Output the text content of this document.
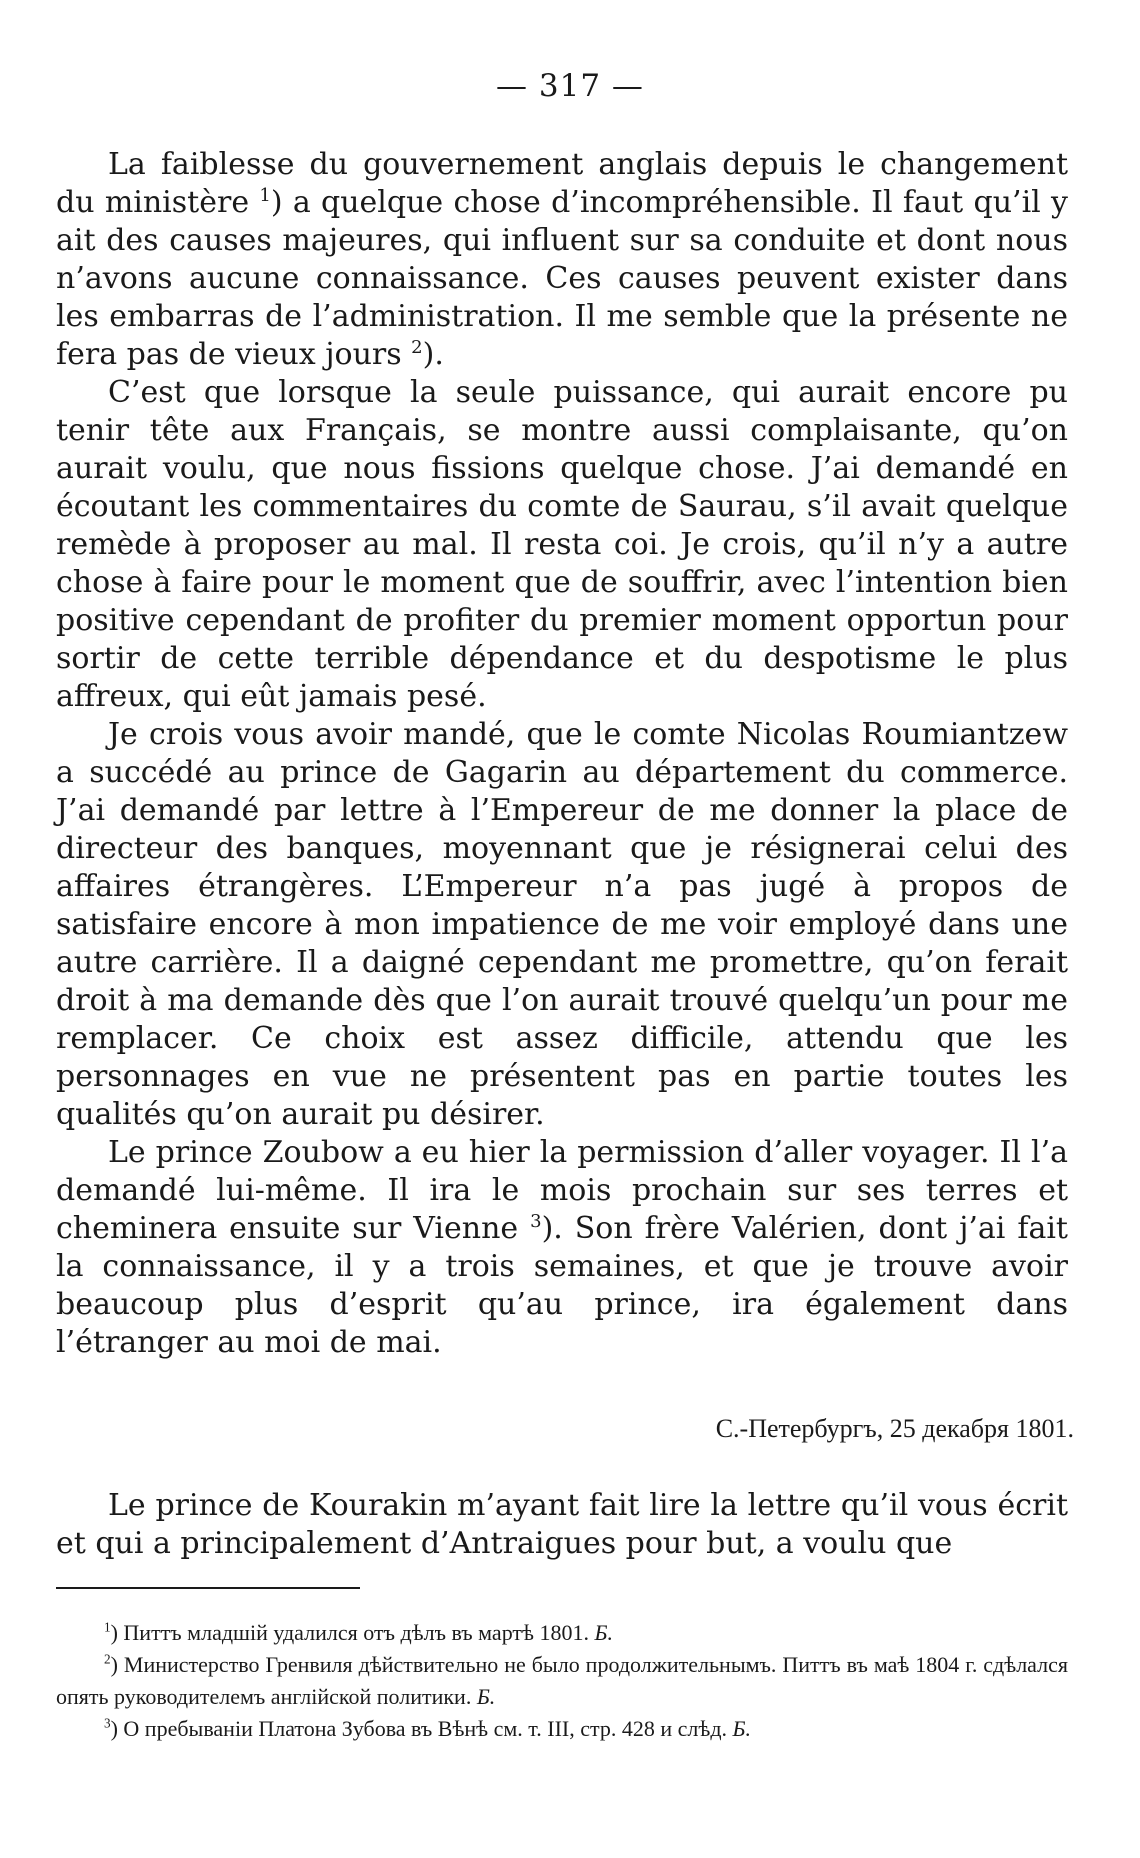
— 317 —

La faiblesse du gouvernement anglais depuis le changement du ministère $^1$) a quelque chose d’incompréhensible. Il faut qu’il y ait des causes majeures, qui influent sur sa conduite et dont nous n’avons aucune connaissance. Ces causes peuvent exister dans les embarras de l’administration. Il me semble que la présente ne fera pas de vieux jours $^2$).

C’est que lorsque la seule puissance, qui aurait encore pu tenir tête aux Français, se montre aussi complaisante, qu’on aurait voulu, que nous fissions quelque chose. J’ai demandé en écoutant les commentaires du comte de Saurau, s’il avait quelque remède à proposer au mal. Il resta coi. Je crois, qu’il n’y a autre chose à faire pour le moment que de souffrir, avec l’intention bien positive cependant de profiter du premier moment opportun pour sortir de cette terrible dépendance et du despotisme le plus affreux, qui eût jamais pesé.

Je crois vous avoir mandé, que le comte Nicolas Roumiantzew a succédé au prince de Gagarin au département du commerce. J’ai demandé par lettre à l’Empereur de me donner la place de directeur des banques, moyennant que je résignerai celui des affaires étrangères. L’Empereur n’a pas jugé à propos de satisfaire encore à mon impatience de me voir employé dans une autre carrière. Il a daigné cependant me promettre, qu’on ferait droit à ma demande dès que l’on aurait trouvé quelqu’un pour me remplacer. Ce choix est assez difficile, attendu que les personnages en vue ne présentent pas en partie toutes les qualités qu’on aurait pu désirer.

Le prince Zoubow a eu hier la permission d’aller voyager. Il l’a demandé lui-même. Il ira le mois prochain sur ses terres et cheminera ensuite sur Vienne $^3$). Son frère Valérien, dont j’ai fait la connaissance, il y a trois semaines, et que je trouve avoir beaucoup plus d’esprit qu’au prince, ira également dans l’étranger au moi de mai.

С.-Петербургъ, 25 декабря 1801.

Le prince de Kourakin m’ayant fait lire la lettre qu’il vous écrit et qui a principalement d’Antraigues pour but, a voulu que

$^1$) Питтъ младшій удалился отъ дѣлъ въ мартѣ 1801. Б.

$^2$) Министерство Гренвиля дѣйствительно не было продолжительнымъ. Питтъ въ маѣ 1804 г. сдѣлался опять руководителемъ англійской политики. Б.

$^3$) О пребываніи Платона Зубова въ Вѣнѣ см. т. III, стр. 428 и слѣд. Б.
